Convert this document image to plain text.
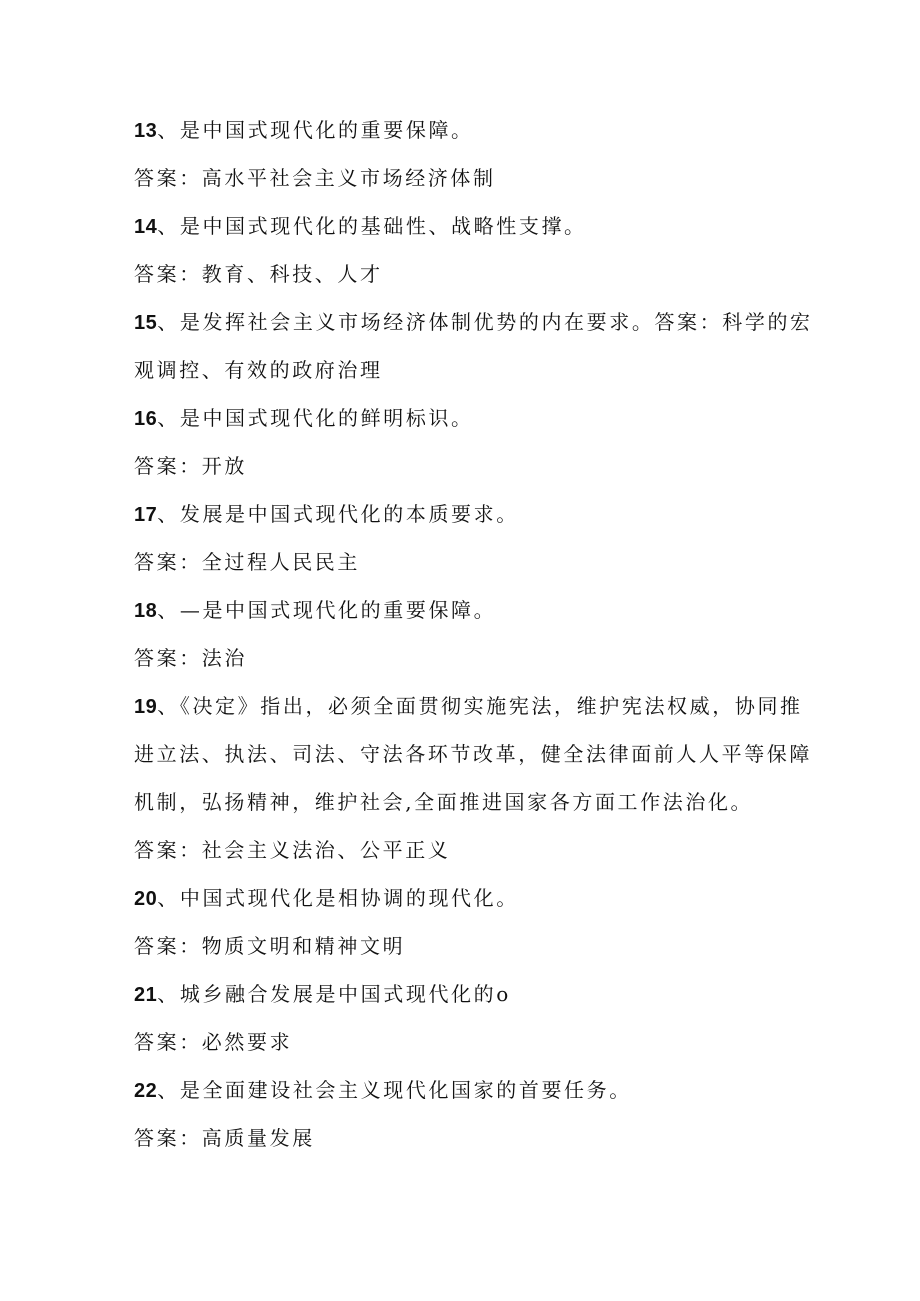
13、是中国式现代化的重要保障。
答案：高水平社会主义市场经济体制
14、是中国式现代化的基础性、战略性支撑。
答案：教育、科技、人才
15、是发挥社会主义市场经济体制优势的内在要求。答案：科学的宏
观调控、有效的政府治理
16、是中国式现代化的鲜明标识。
答案：开放
17、发展是中国式现代化的本质要求。
答案：全过程人民民主
18、—是中国式现代化的重要保障。
答案：法治
19、《决定》指出，必须全面贯彻实施宪法，维护宪法权威，协同推
进立法、执法、司法、守法各环节改革，健全法律面前人人平等保障
机制，弘扬精神，维护社会,全面推进国家各方面工作法治化。
答案：社会主义法治、公平正义
20、中国式现代化是相协调的现代化。
答案：物质文明和精神文明
21、城乡融合发展是中国式现代化的o
答案：必然要求
22、是全面建设社会主义现代化国家的首要任务。
答案：高质量发展
